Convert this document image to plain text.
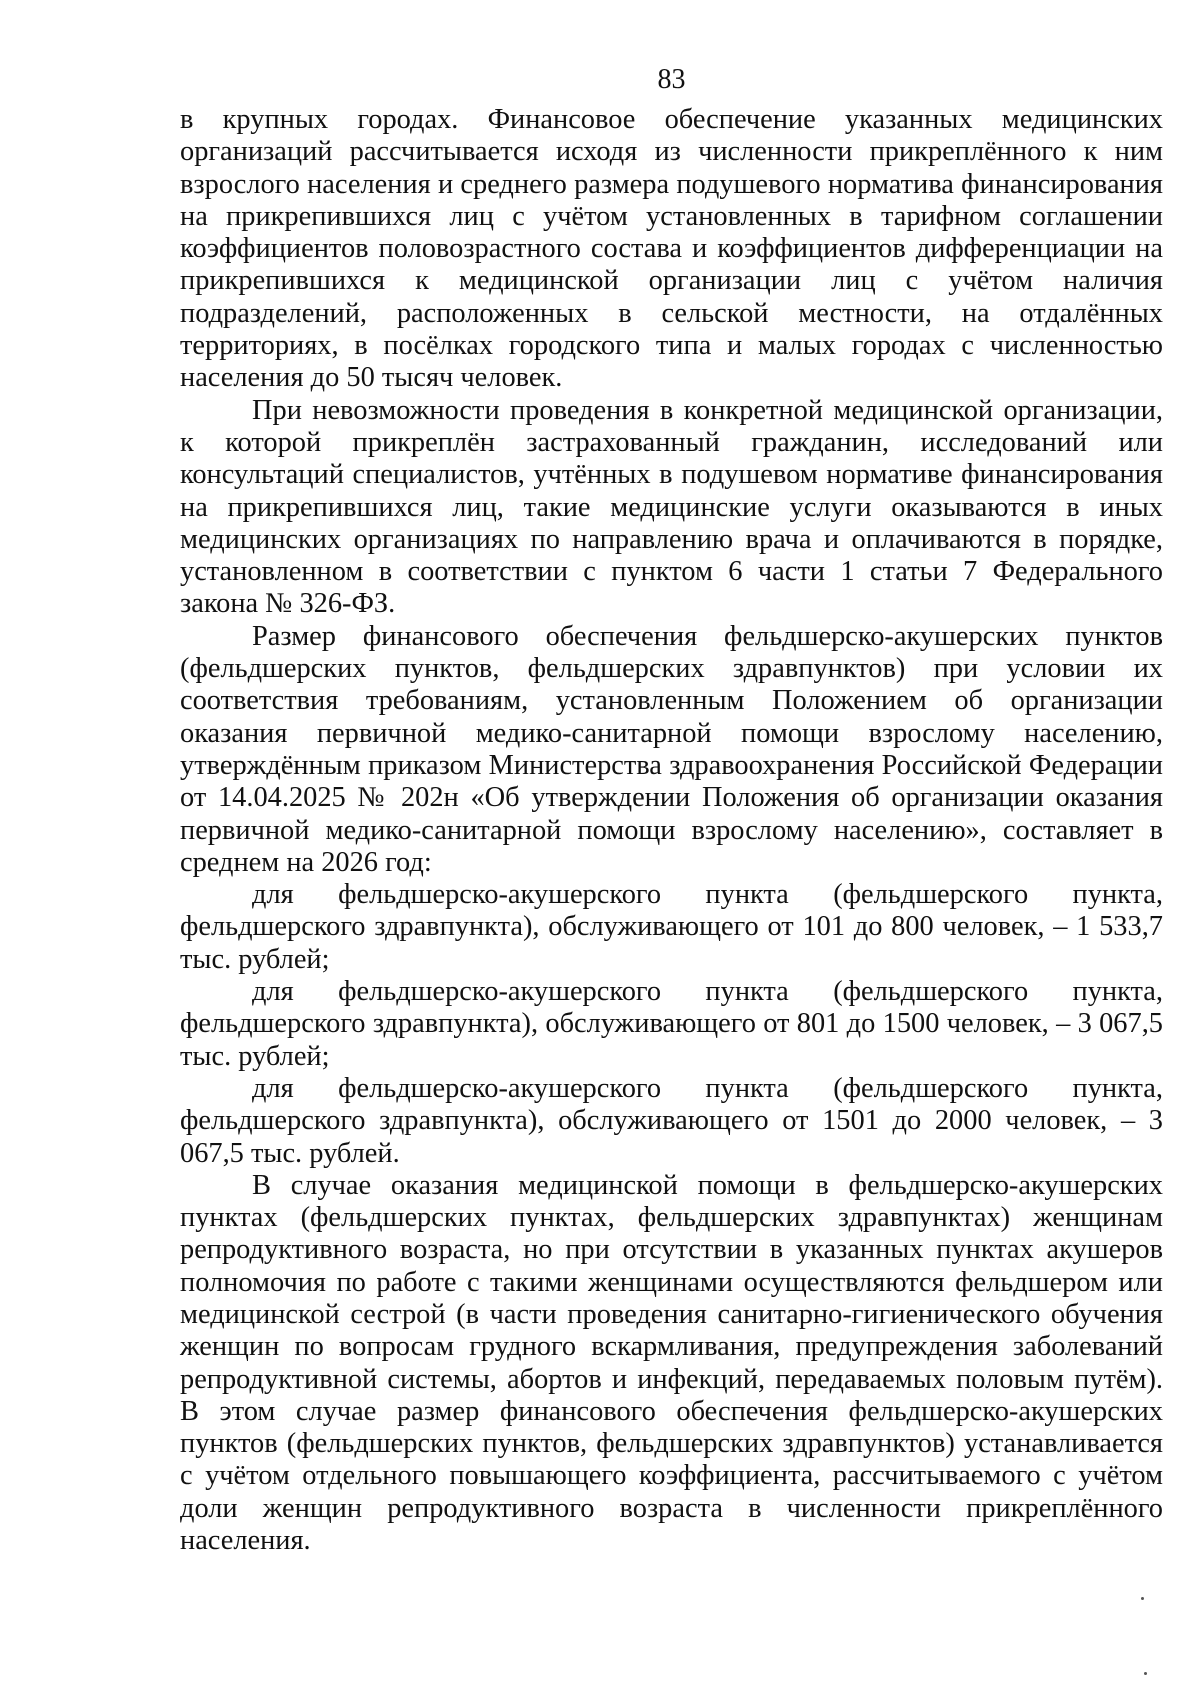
83

в крупных городах. Финансовое обеспечение указанных медицинских организаций рассчитывается исходя из численности прикреплённого к ним взрослого населения и среднего размера подушевого норматива финансирования на прикрепившихся лиц с учётом установленных в тарифном соглашении коэффициентов половозрастного состава и коэффициентов дифференциации на прикрепившихся к медицинской организации лиц с учётом наличия подразделений, расположенных в сельской местности, на отдалённых территориях, в посёлках городского типа и малых городах с численностью населения до 50 тысяч человек.

При невозможности проведения в конкретной медицинской организации, к которой прикреплён застрахованный гражданин, исследований или консультаций специалистов, учтённых в подушевом нормативе финансирования на прикрепившихся лиц, такие медицинские услуги оказываются в иных медицинских организациях по направлению врача и оплачиваются в порядке, установленном в соответствии с пунктом 6 части 1 статьи 7 Федерального закона № 326-ФЗ.

Размер финансового обеспечения фельдшерско-акушерских пунктов (фельдшерских пунктов, фельдшерских здравпунктов) при условии их соответствия требованиям, установленным Положением об организации оказания первичной медико-санитарной помощи взрослому населению, утверждённым приказом Министерства здравоохранения Российской Федерации от 14.04.2025 № 202н «Об утверждении Положения об организации оказания первичной медико-санитарной помощи взрослому населению», составляет в среднем на 2026 год:

для фельдшерско-акушерского пункта (фельдшерского пункта, фельдшерского здравпункта), обслуживающего от 101 до 800 человек, – 1 533,7 тыс. рублей;

для фельдшерско-акушерского пункта (фельдшерского пункта, фельдшерского здравпункта), обслуживающего от 801 до 1500 человек, – 3 067,5 тыс. рублей;

для фельдшерско-акушерского пункта (фельдшерского пункта, фельдшерского здравпункта), обслуживающего от 1501 до 2000 человек, – 3 067,5 тыс. рублей.

В случае оказания медицинской помощи в фельдшерско-акушерских пунктах (фельдшерских пунктах, фельдшерских здравпунктах) женщинам репродуктивного возраста, но при отсутствии в указанных пунктах акушеров полномочия по работе с такими женщинами осуществляются фельдшером или медицинской сестрой (в части проведения санитарно-гигиенического обучения женщин по вопросам грудного вскармливания, предупреждения заболеваний репродуктивной системы, абортов и инфекций, передаваемых половым путём). В этом случае размер финансового обеспечения фельдшерско-акушерских пунктов (фельдшерских пунктов, фельдшерских здравпунктов) устанавливается с учётом отдельного повышающего коэффициента, рассчитываемого с учётом доли женщин репродуктивного возраста в численности прикреплённого населения.
